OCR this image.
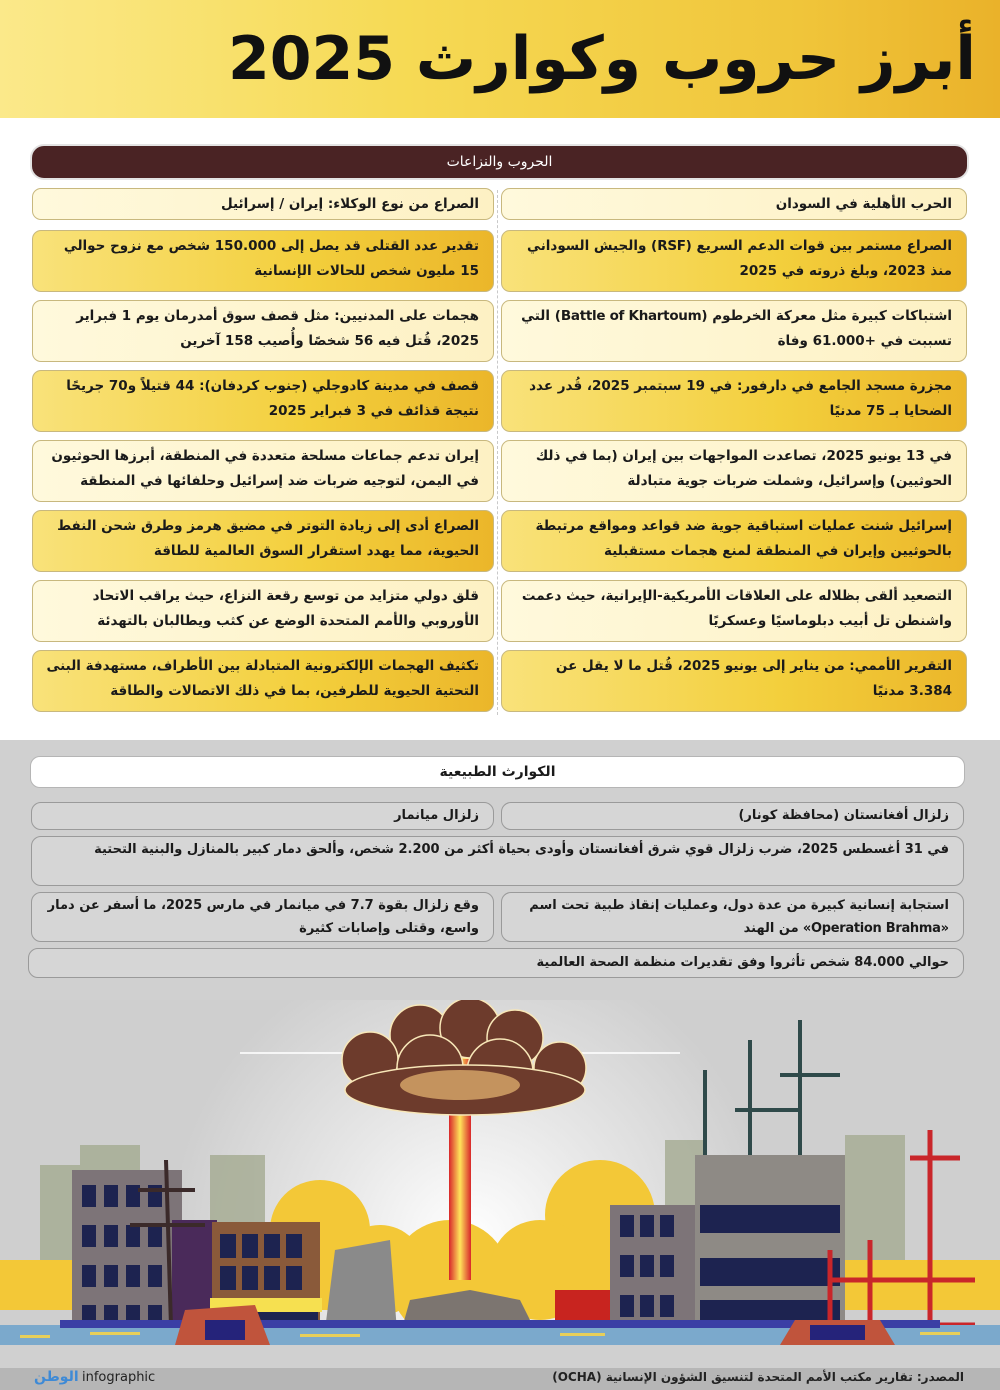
أبرز حروب وكوارث 2025
الحروب والنزاعات
الحرب الأهلية في السودان
الصراع من نوع الوكلاء: إيران / إسرائيل
الصراع مستمر بين قوات الدعم السريع (RSF) والجيش السوداني منذ 2023، وبلغ ذروته في 2025
تقدير عدد القتلى قد يصل إلى 150.000 شخص مع نزوح حوالي 15 مليون شخص للحالات الإنسانية
اشتباكات كبيرة مثل معركة الخرطوم (Battle of Khartoum) التي تسببت في +61.000 وفاة
هجمات على المدنيين: مثل قصف سوق أمدرمان يوم 1 فبراير 2025، قُتل فيه 56 شخصًا وأُصيب 158 آخرين
مجزرة مسجد الجامع في دارفور: في 19 سبتمبر 2025، قُدر عدد الضحايا بـ 75 مدنيًا
قصف في مدينة كادوجلي (جنوب كردفان): 44 قتيلاً و70 جريحًا نتيجة قذائف في 3 فبراير 2025
في 13 يونيو 2025، تصاعدت المواجهات بين إيران (بما في ذلك الحوثيين) وإسرائيل، وشملت ضربات جوية متبادلة
إيران تدعم جماعات مسلحة متعددة في المنطقة، أبرزها الحوثيون في اليمن، لتوجيه ضربات ضد إسرائيل وحلفائها في المنطقة
إسرائيل شنت عمليات استباقية جوية ضد قواعد ومواقع مرتبطة بالحوثيين وإيران في المنطقة لمنع هجمات مستقبلية
الصراع أدى إلى زيادة التوتر في مضيق هرمز وطرق شحن النفط الحيوية، مما يهدد استقرار السوق العالمية للطاقة
التصعيد ألقى بظلاله على العلاقات الأمريكية-الإيرانية، حيث دعمت واشنطن تل أبيب دبلوماسيًا وعسكريًا
قلق دولي متزايد من توسع رقعة النزاع، حيث يراقب الاتحاد الأوروبي والأمم المتحدة الوضع عن كثب ويطالبان بالتهدئة
التقرير الأممي: من يناير إلى يونيو 2025، قُتل ما لا يقل عن 3.384 مدنيًا
تكثيف الهجمات الإلكترونية المتبادلة بين الأطراف، مستهدفة البنى التحتية الحيوية للطرفين، بما في ذلك الاتصالات والطاقة
الكوارث الطبيعية
زلزال أفغانستان (محافظة كونار)
زلزال ميانمار
في 31 أغسطس 2025، ضرب زلزال قوي شرق أفغانستان وأودى بحياة أكثر من 2.200 شخص، وألحق دمار كبير بالمنازل والبنية التحتية
استجابة إنسانية كبيرة من عدة دول، وعمليات إنقاذ طبية تحت اسم «Operation Brahma» من الهند
وقع زلزال بقوة 7.7 في ميانمار في مارس 2025، ما أسفر عن دمار واسع، وقتلى وإصابات كثيرة
حوالي 84.000 شخص تأثروا وفق تقديرات منظمة الصحة العالمية
الوطن infographic	المصدر: تقارير مكتب الأمم المتحدة لتنسيق الشؤون الإنسانية (OCHA)
